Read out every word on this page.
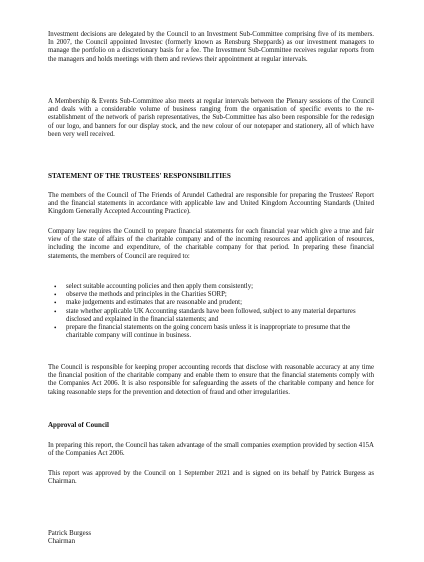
Investment decisions are delegated by the Council to an Investment Sub-Committee comprising five of its members. In 2007, the Council appointed Investec (formerly known as Rensburg Sheppards) as our investment managers to manage the portfolio on a discretionary basis for a fee. The Investment Sub-Committee receives regular reports from the managers and holds meetings with them and reviews their appointment at regular intervals.

A Membership & Events Sub-Committee also meets at regular intervals between the Plenary sessions of the Council and deals with a considerable volume of business ranging from the organisation of specific events to the re-establishment of the network of parish representatives, the Sub-Committee has also been responsible for the redesign of our logo, and banners for our display stock, and the new colour of our notepaper and stationery, all of which have been very well received.

STATEMENT OF THE TRUSTEES' RESPONSIBILITIES

The members of the Council of The Friends of Arundel Cathedral are responsible for preparing the Trustees' Report and the financial statements in accordance with applicable law and United Kingdom Accounting Standards (United Kingdom Generally Accepted Accounting Practice).

Company law requires the Council to prepare financial statements for each financial year which give a true and fair view of the state of affairs of the charitable company and of the incoming resources and application of resources, including the income and expenditure, of the charitable company for that period. In preparing these financial statements, the members of Council are required to:

• select suitable accounting policies and then apply them consistently;
• observe the methods and principles in the Charities SORP;
• make judgements and estimates that are reasonable and prudent;
• state whether applicable UK Accounting standards have been followed, subject to any material departures disclosed and explained in the financial statements; and
• prepare the financial statements on the going concern basis unless it is inappropriate to presume that the charitable company will continue in business.

The Council is responsible for keeping proper accounting records that disclose with reasonable accuracy at any time the financial position of the charitable company and enable them to ensure that the financial statements comply with the Companies Act 2006. It is also responsible for safeguarding the assets of the charitable company and hence for taking reasonable steps for the prevention and detection of fraud and other irregularities.

Approval of Council

In preparing this report, the Council has taken advantage of the small companies exemption provided by section 415A of the Companies Act 2006.

This report was approved by the Council on 1 September 2021 and is signed on its behalf by Patrick Burgess as Chairman.

Patrick Burgess
Chairman
